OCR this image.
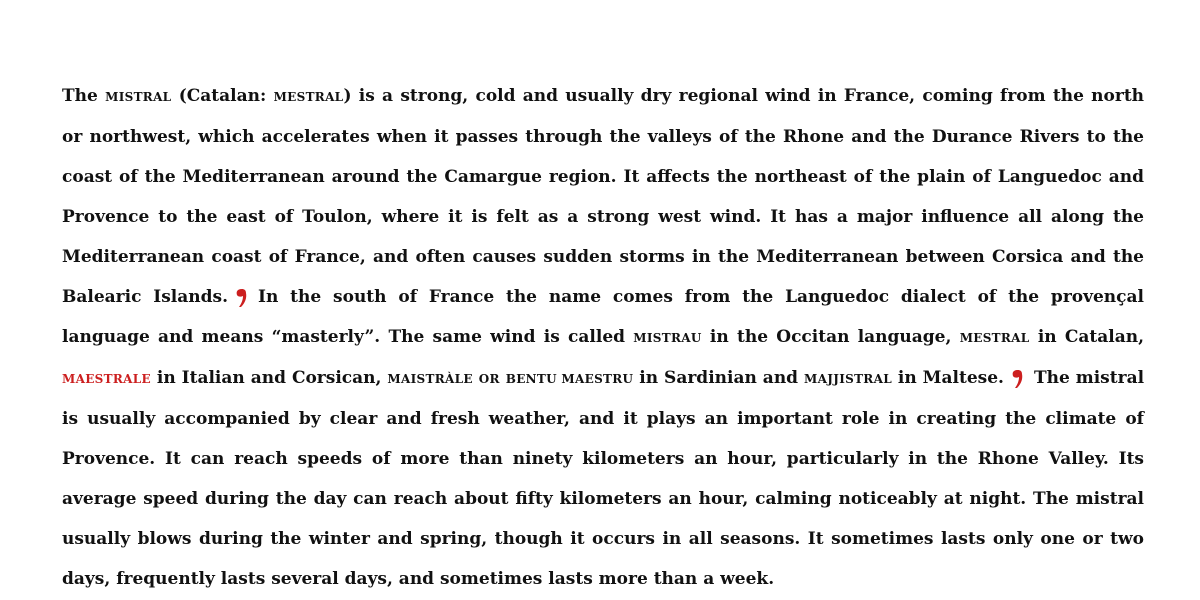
The MISTRAL (Catalan: MESTRAL) is a strong, cold and usually dry regional wind in France, coming from the north or northwest, which accelerates when it passes through the valleys of the Rhone and the Durance Rivers to the coast of the Mediterranean around the Camargue region. It affects the northeast of the plain of Languedoc and Provence to the east of Toulon, where it is felt as a strong west wind. It has a major influence all along the Mediterranean coast of France, and often causes sudden storms in the Mediterranean between Corsica and the Balearic Islands. In the south of France the name comes from the Languedoc dialect of the provençal language and means “masterly”. The same wind is called MISTRAU in the Occitan language, MESTRAL in Catalan, MAESTRALE in Italian and Corsican, MAISTRÀLE OR BENTU MAESTRU in Sardinian and MAJJISTRAL in Maltese. The mistral is usually accompanied by clear and fresh weather, and it plays an important role in creating the climate of Provence. It can reach speeds of more than ninety kilometers an hour, particularly in the Rhone Valley. Its average speed during the day can reach about fifty kilometers an hour, calming noticeably at night. The mistral usually blows during the winter and spring, though it occurs in all seasons. It sometimes lasts only one or two days, frequently lasts several days, and sometimes lasts more than a week.
